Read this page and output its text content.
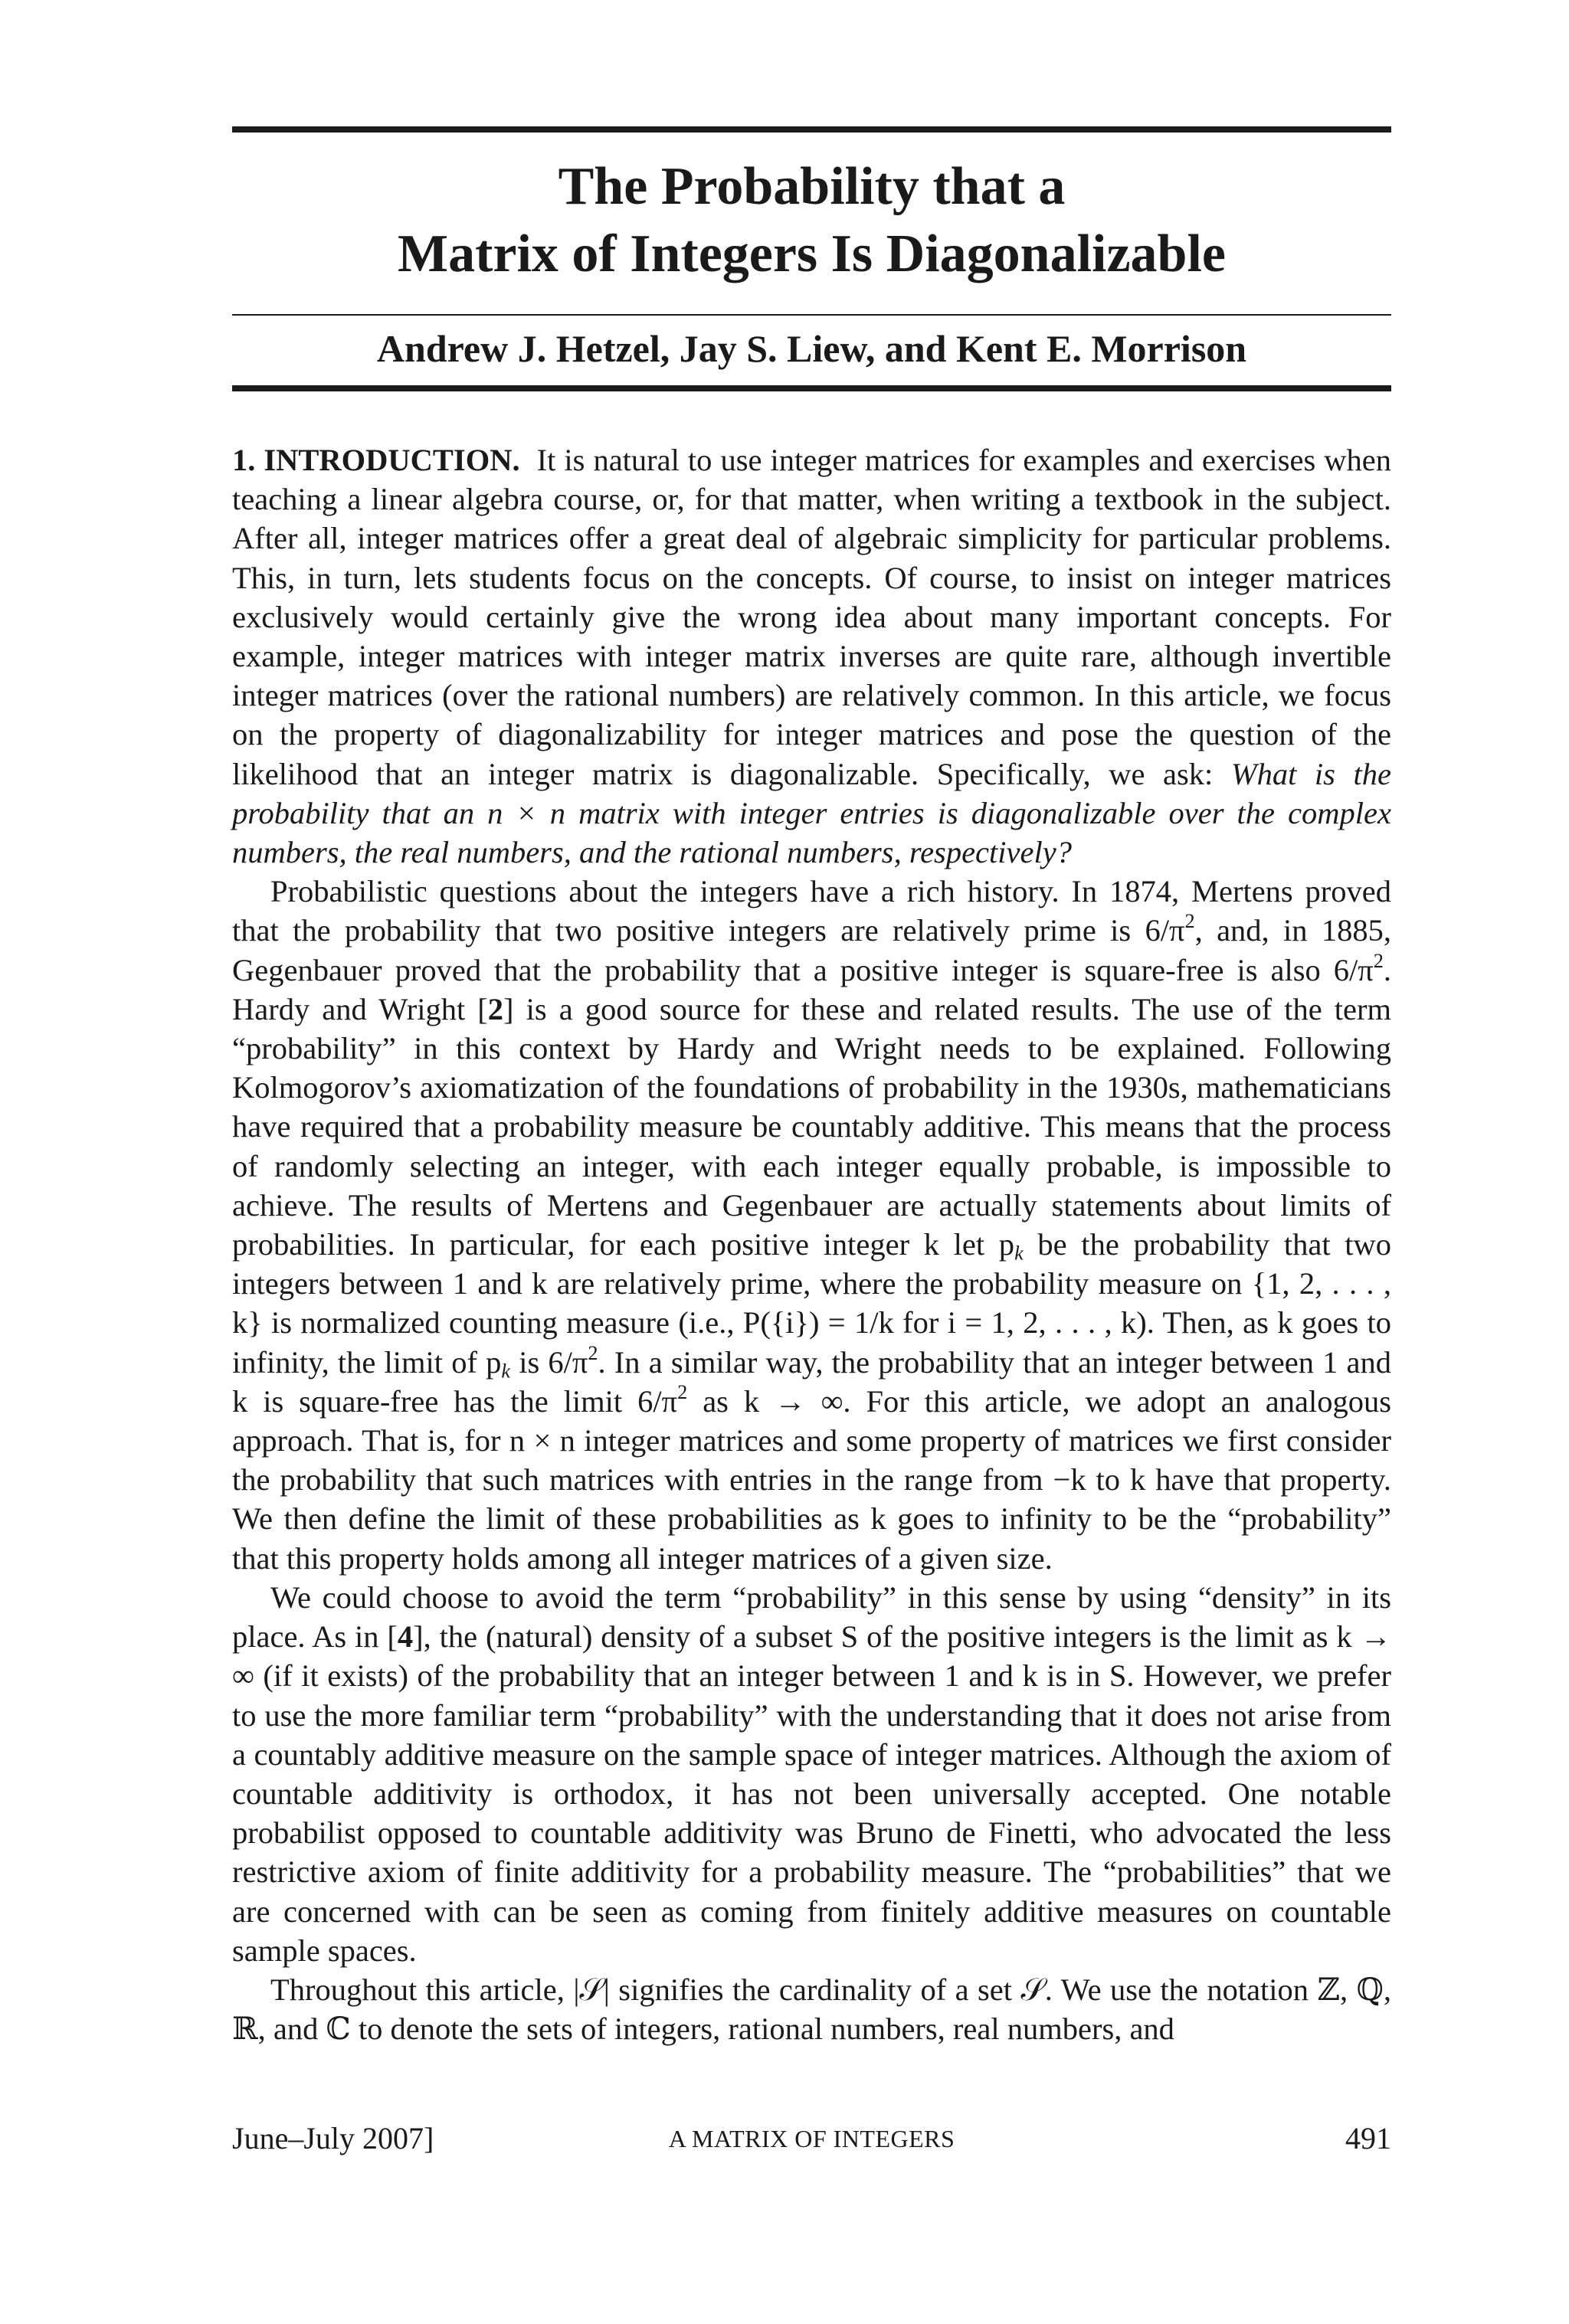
The Probability that a
Matrix of Integers Is Diagonalizable

Andrew J. Hetzel, Jay S. Liew, and Kent E. Morrison

1. INTRODUCTION. It is natural to use integer matrices for examples and exercises when teaching a linear algebra course, or, for that matter, when writing a textbook in the subject. After all, integer matrices offer a great deal of algebraic simplicity for particular problems. This, in turn, lets students focus on the concepts. Of course, to insist on integer matrices exclusively would certainly give the wrong idea about many important concepts. For example, integer matrices with integer matrix inverses are quite rare, although invertible integer matrices (over the rational numbers) are relatively common. In this article, we focus on the property of diagonalizability for integer matrices and pose the question of the likelihood that an integer matrix is diagonalizable. Specifically, we ask: What is the probability that an n × n matrix with integer entries is diagonalizable over the complex numbers, the real numbers, and the rational numbers, respectively?

Probabilistic questions about the integers have a rich history. In 1874, Mertens proved that the probability that two positive integers are relatively prime is $6/\pi^2$, and, in 1885, Gegenbauer proved that the probability that a positive integer is square-free is also $6/\pi^2$. Hardy and Wright [2] is a good source for these and related results. The use of the term “probability” in this context by Hardy and Wright needs to be explained. Following Kolmogorov’s axiomatization of the foundations of probability in the 1930s, mathematicians have required that a probability measure be countably additive. This means that the process of randomly selecting an integer, with each integer equally probable, is impossible to achieve. The results of Mertens and Gegenbauer are actually statements about limits of probabilities. In particular, for each positive integer k let $p_k$ be the probability that two integers between 1 and k are relatively prime, where the probability measure on {1, 2, . . . , k} is normalized counting measure (i.e., P({i}) = 1/k for i = 1, 2, . . . , k). Then, as k goes to infinity, the limit of $p_k$ is $6/\pi^2$. In a similar way, the probability that an integer between 1 and k is square-free has the limit $6/\pi^2$ as k → ∞. For this article, we adopt an analogous approach. That is, for n × n integer matrices and some property of matrices we first consider the probability that such matrices with entries in the range from −k to k have that property. We then define the limit of these probabilities as k goes to infinity to be the “probability” that this property holds among all integer matrices of a given size.

We could choose to avoid the term “probability” in this sense by using “density” in its place. As in [4], the (natural) density of a subset S of the positive integers is the limit as k → ∞ (if it exists) of the probability that an integer between 1 and k is in S. However, we prefer to use the more familiar term “probability” with the understanding that it does not arise from a countably additive measure on the sample space of integer matrices. Although the axiom of countable additivity is orthodox, it has not been universally accepted. One notable probabilist opposed to countable additivity was Bruno de Finetti, who advocated the less restrictive axiom of finite additivity for a probability measure. The “probabilities” that we are concerned with can be seen as coming from finitely additive measures on countable sample spaces.

Throughout this article, |𝒮| signifies the cardinality of a set 𝒮. We use the notation ℤ, ℚ, ℝ, and ℂ to denote the sets of integers, rational numbers, real numbers, and

June–July 2007]	A MATRIX OF INTEGERS	491
